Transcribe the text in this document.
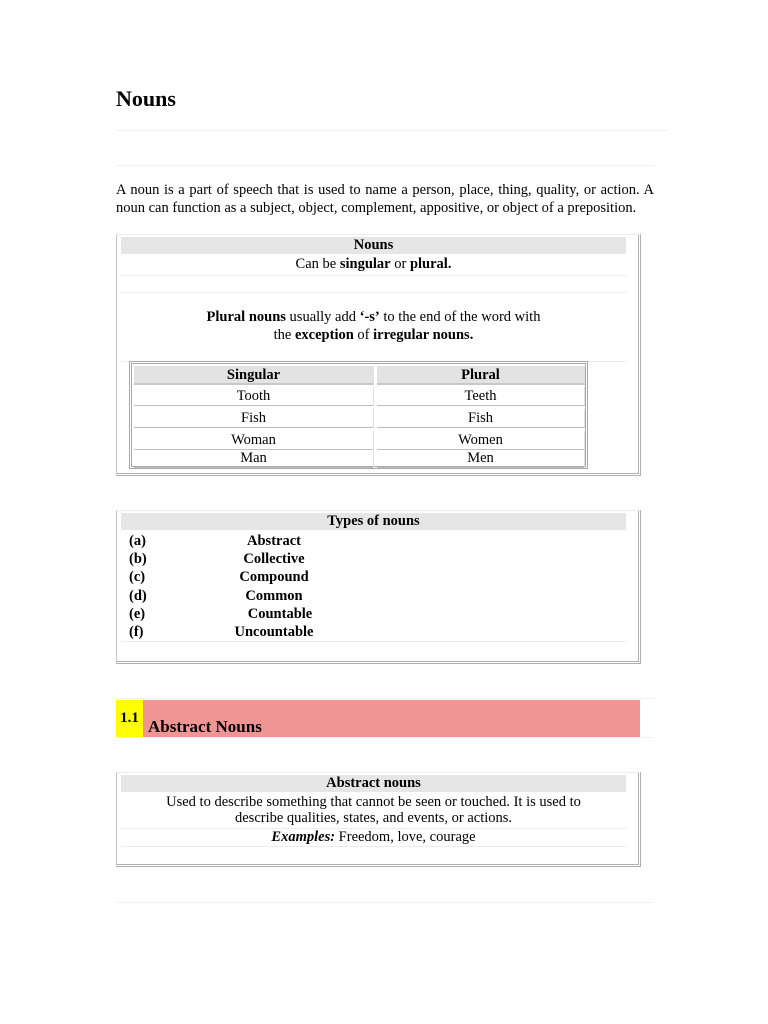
Nouns

A noun is a part of speech that is used to name a person, place, thing, quality, or action. A noun can function as a subject, object, complement, appositive, or object of a preposition.

Nouns
Can be singular or plural.
Plural nouns usually add ‘-s’ to the end of the word with
the exception of irregular nouns.
Singular	Plural
Tooth	Teeth
Fish	Fish
Woman	Women
Man	Men
Types of nouns
(a)	Abstract
(b)	Collective
(c)	Compound
(d)	Common
(e)	Countable
(f)	Uncountable
1.1 Abstract Nouns
Abstract nouns
Used to describe something that cannot be seen or touched. It is used to describe qualities, states, and events, or actions.
Examples: Freedom, love, courage
